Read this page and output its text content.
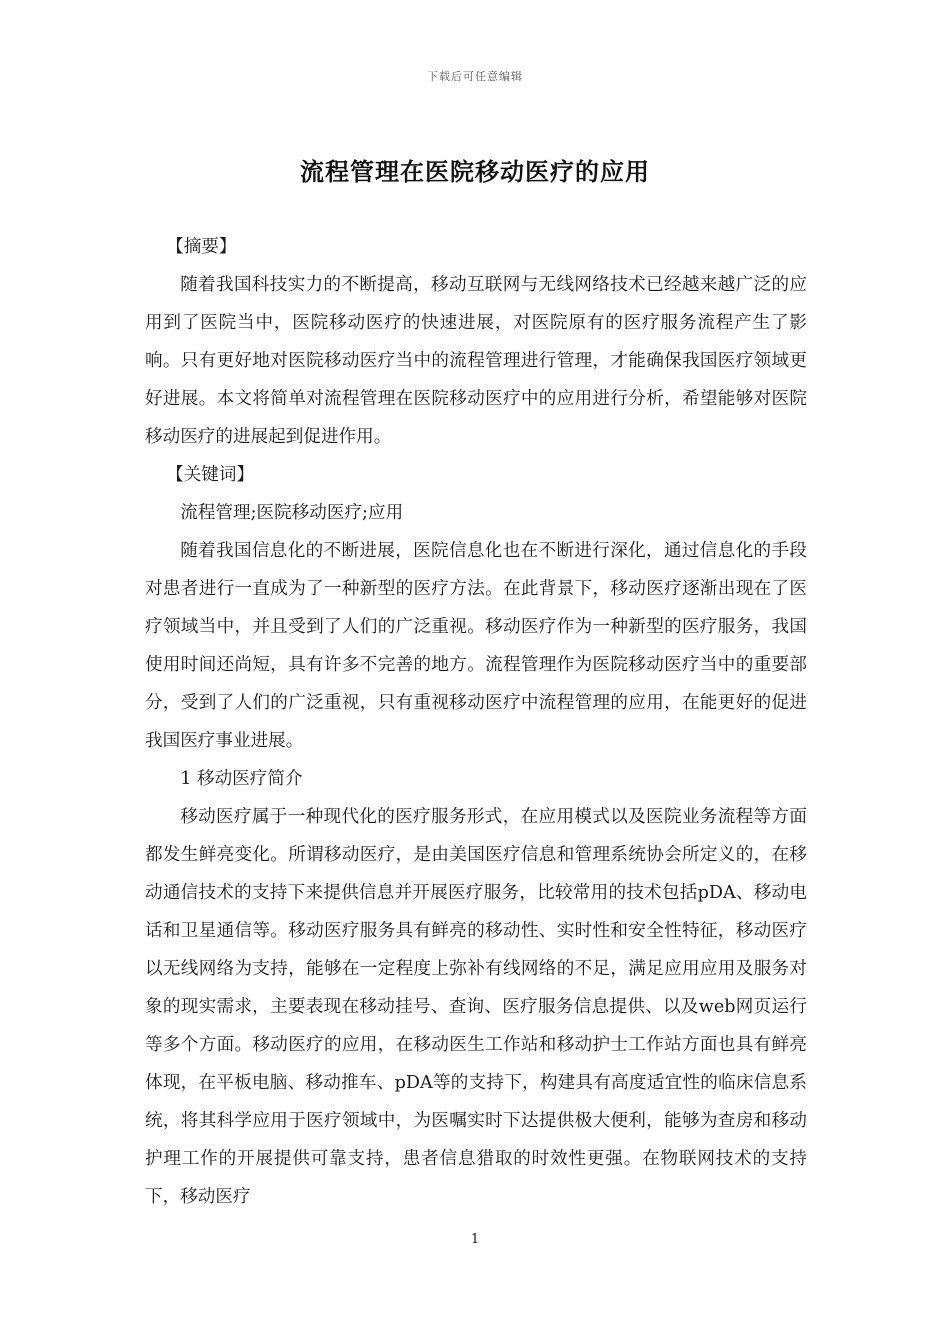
下载后可任意编辑
流程管理在医院移动医疗的应用

【摘要】

随着我国科技实力的不断提高，移动互联网与无线网络技术已经越来越广泛的应用到了医院当中，医院移动医疗的快速进展，对医院原有的医疗服务流程产生了影响。只有更好地对医院移动医疗当中的流程管理进行管理，才能确保我国医疗领域更好进展。本文将简单对流程管理在医院移动医疗中的应用进行分析，希望能够对医院移动医疗的进展起到促进作用。

【关键词】

流程管理;医院移动医疗;应用

随着我国信息化的不断进展，医院信息化也在不断进行深化，通过信息化的手段对患者进行一直成为了一种新型的医疗方法。在此背景下，移动医疗逐渐出现在了医疗领域当中，并且受到了人们的广泛重视。移动医疗作为一种新型的医疗服务，我国使用时间还尚短，具有许多不完善的地方。流程管理作为医院移动医疗当中的重要部分，受到了人们的广泛重视，只有重视移动医疗中流程管理的应用，在能更好的促进我国医疗事业进展。

1 移动医疗简介

移动医疗属于一种现代化的医疗服务形式，在应用模式以及医院业务流程等方面都发生鲜亮变化。所谓移动医疗，是由美国医疗信息和管理系统协会所定义的，在移动通信技术的支持下来提供信息并开展医疗服务，比较常用的技术包括pDA、移动电话和卫星通信等。移动医疗服务具有鲜亮的移动性、实时性和安全性特征，移动医疗以无线网络为支持，能够在一定程度上弥补有线网络的不足，满足应用应用及服务对象的现实需求，主要表现在移动挂号、查询、医疗服务信息提供、以及web网页运行等多个方面。移动医疗的应用，在移动医生工作站和移动护士工作站方面也具有鲜亮体现，在平板电脑、移动推车、pDA等的支持下，构建具有高度适宜性的临床信息系统，将其科学应用于医疗领域中，为医嘱实时下达提供极大便利，能够为查房和移动护理工作的开展提供可靠支持，患者信息猎取的时效性更强。在物联网技术的支持下，移动医疗

1
